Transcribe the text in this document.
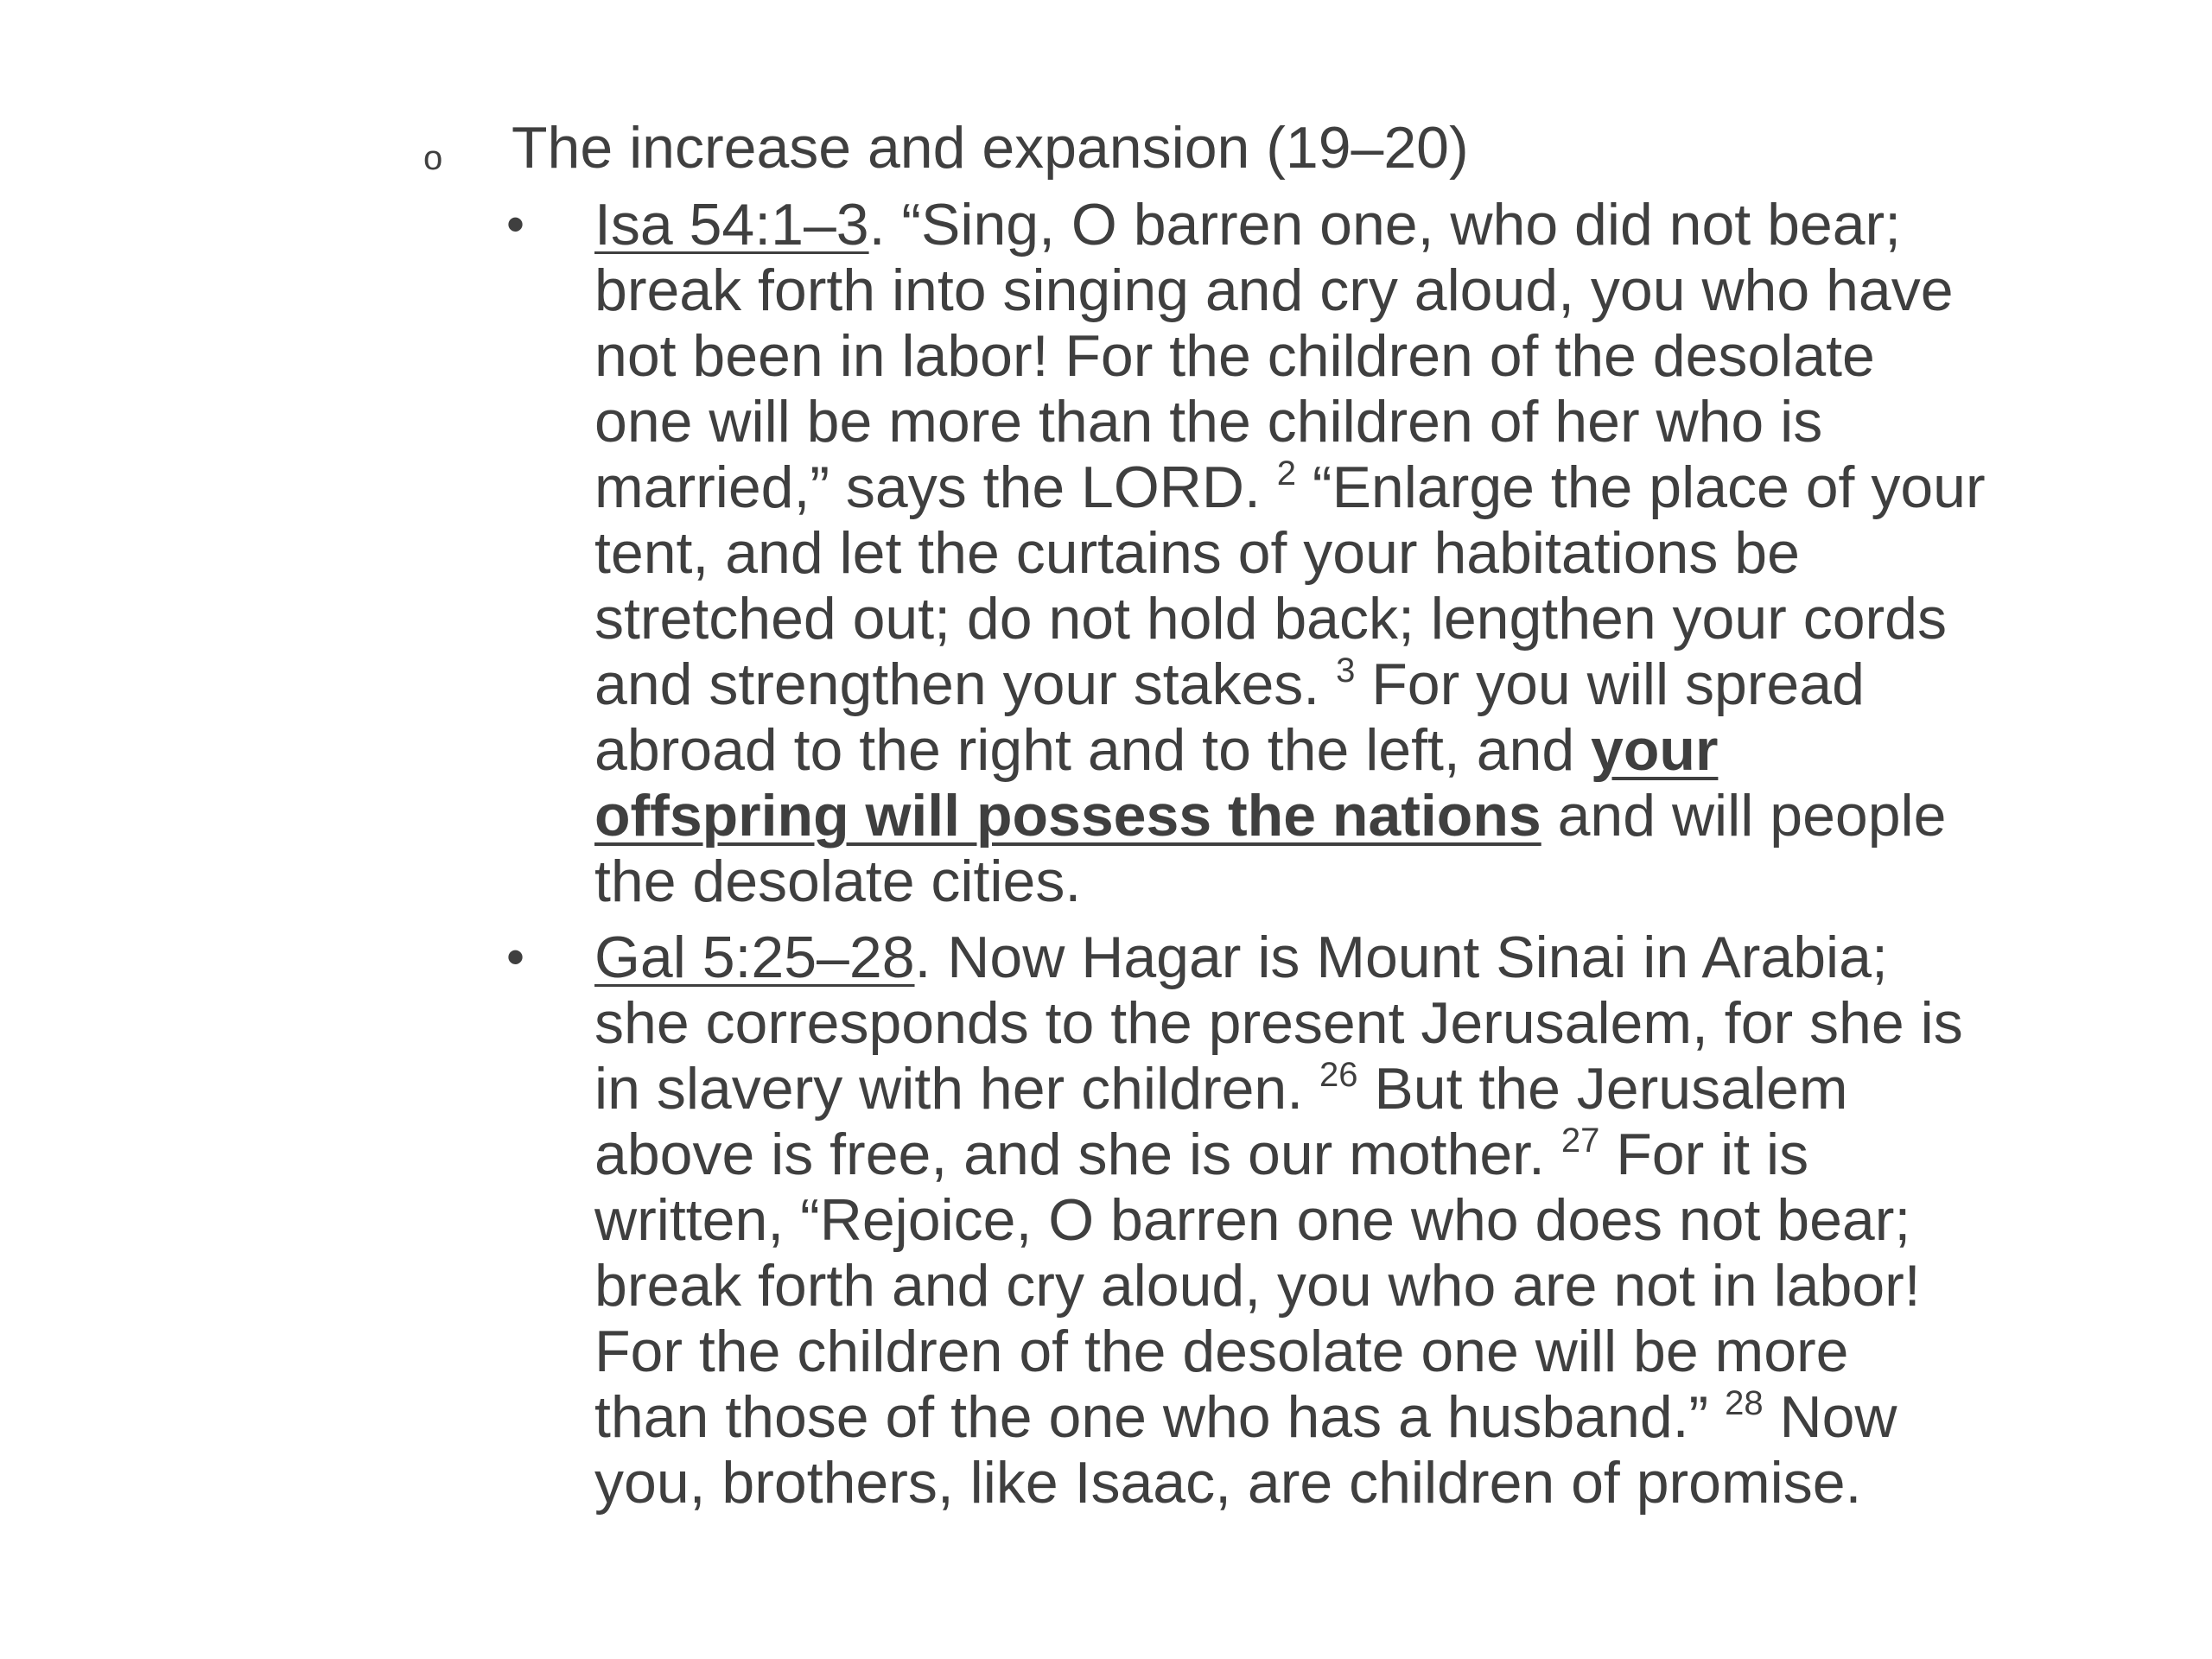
o	The increase and expansion (19–20)
•	Isa 54:1–3. “Sing, O barren one, who did not bear;
break forth into singing and cry aloud, you who have
not been in labor! For the children of the desolate
one will be more than the children of her who is
married,” says the LORD. $^2$ “Enlarge the place of your
tent, and let the curtains of your habitations be
stretched out; do not hold back; lengthen your cords
and strengthen your stakes. $^3$ For you will spread
abroad to the right and to the left, and your
offspring will possess the nations and will people
the desolate cities.
•	Gal 5:25–28. Now Hagar is Mount Sinai in Arabia;
she corresponds to the present Jerusalem, for she is
in slavery with her children. $^{26}$ But the Jerusalem
above is free, and she is our mother. $^{27}$ For it is
written, “Rejoice, O barren one who does not bear;
break forth and cry aloud, you who are not in labor!
For the children of the desolate one will be more
than those of the one who has a husband.” $^{28}$ Now
you, brothers, like Isaac, are children of promise.
